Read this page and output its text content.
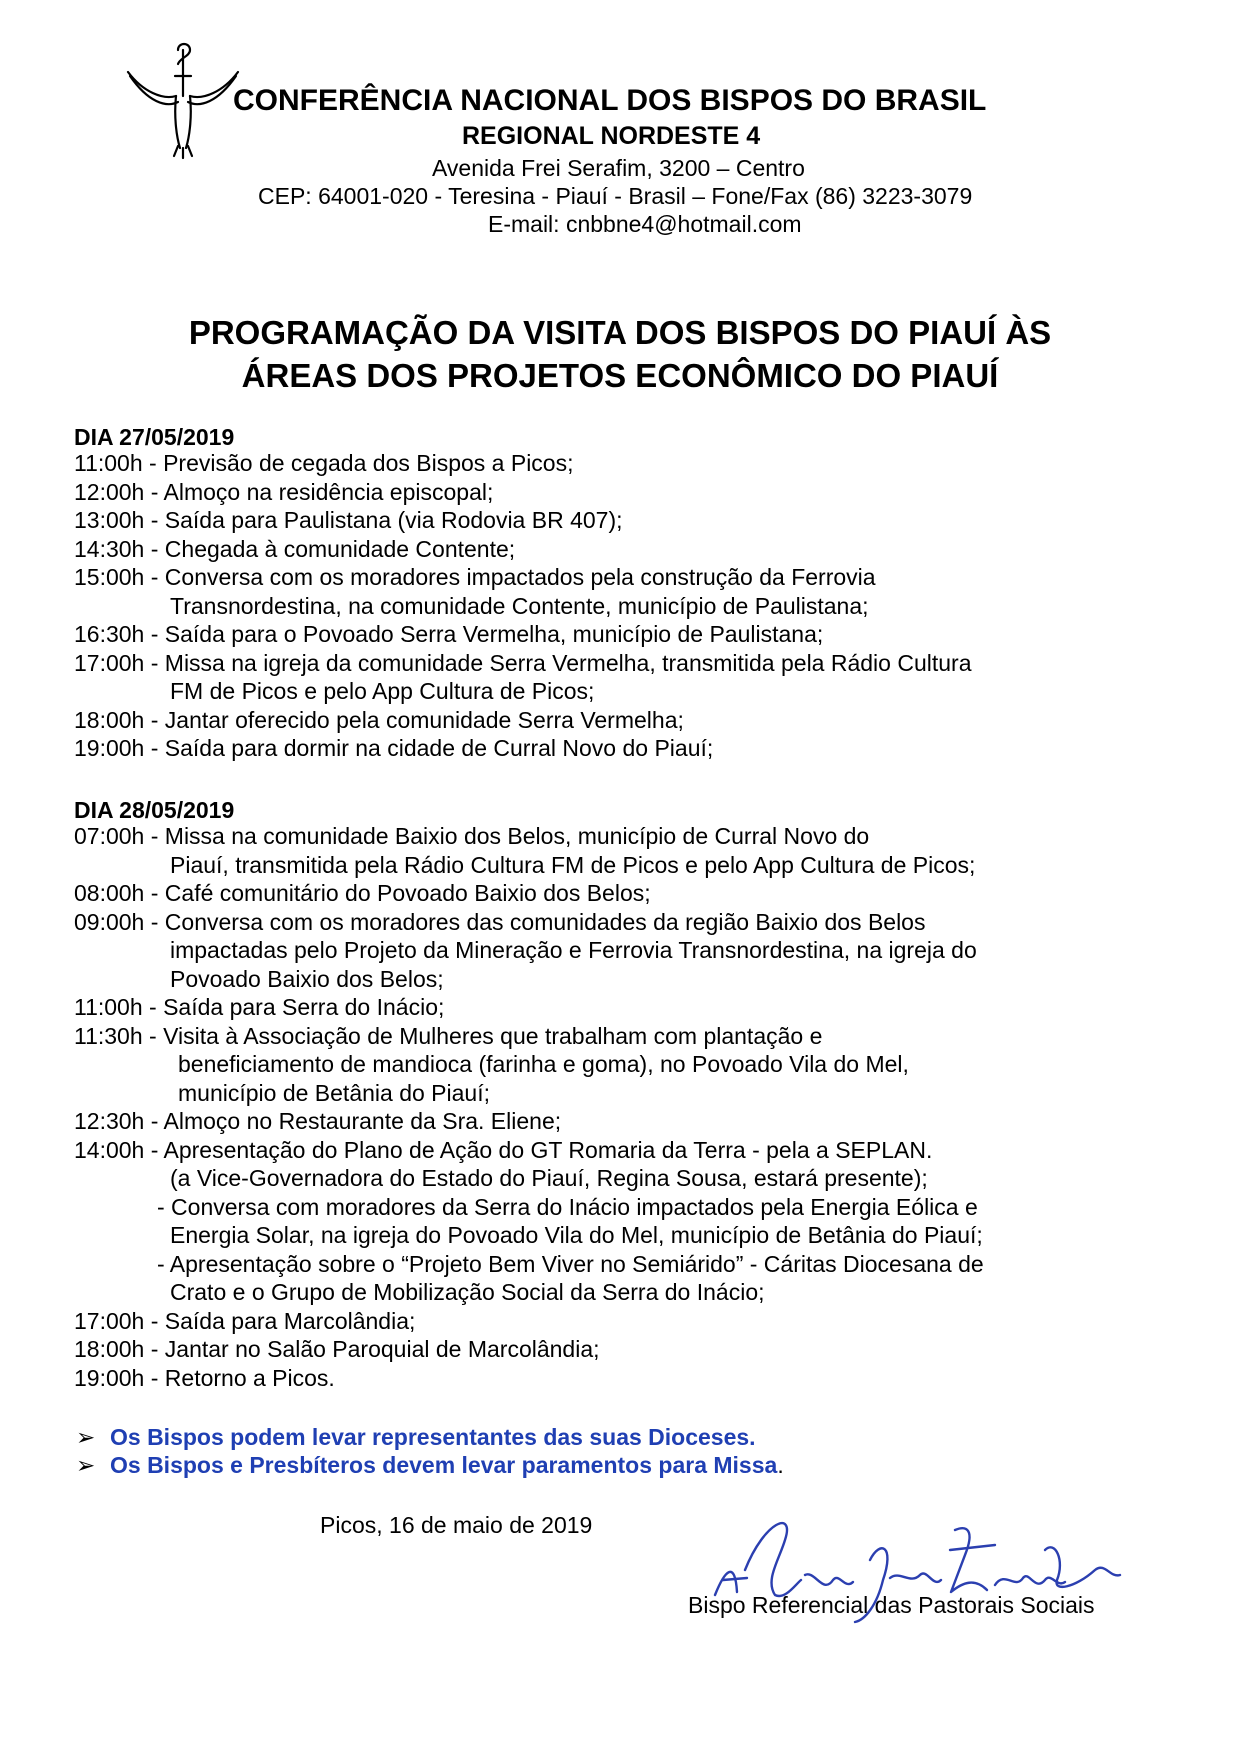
CONFERÊNCIA NACIONAL DOS BISPOS DO BRASIL
REGIONAL NORDESTE 4
Avenida Frei Serafim, 3200 – Centro
CEP: 64001-020 - Teresina - Piauí - Brasil – Fone/Fax (86) 3223-3079
E-mail: cnbbne4@hotmail.com
PROGRAMAÇÃO DA VISITA DOS BISPOS DO PIAUÍ ÀS
ÁREAS DOS PROJETOS ECONÔMICO DO PIAUÍ
DIA 27/05/2019
11:00h - Previsão de cegada dos Bispos a Picos;
12:00h - Almoço na residência episcopal;
13:00h - Saída para Paulistana (via Rodovia BR 407);
14:30h - Chegada à comunidade Contente;
15:00h - Conversa com os moradores impactados pela construção da Ferrovia
Transnordestina, na comunidade Contente, município de Paulistana;
16:30h - Saída para o Povoado Serra Vermelha, município de Paulistana;
17:00h - Missa na igreja da comunidade Serra Vermelha, transmitida pela Rádio Cultura
FM de Picos e pelo App Cultura de Picos;
18:00h - Jantar oferecido pela comunidade Serra Vermelha;
19:00h - Saída para dormir na cidade de Curral Novo do Piauí;
DIA 28/05/2019
07:00h - Missa na comunidade Baixio dos Belos, município de Curral Novo do
Piauí, transmitida pela Rádio Cultura FM de Picos e pelo App Cultura de Picos;
08:00h - Café comunitário do Povoado Baixio dos Belos;
09:00h - Conversa com os moradores das comunidades da região Baixio dos Belos
impactadas pelo Projeto da Mineração e Ferrovia Transnordestina, na igreja do
Povoado Baixio dos Belos;
11:00h - Saída para Serra do Inácio;
11:30h - Visita à Associação de Mulheres que trabalham com plantação e
beneficiamento de mandioca (farinha e goma), no Povoado Vila do Mel,
município de Betânia do Piauí;
12:30h - Almoço no Restaurante da Sra. Eliene;
14:00h - Apresentação do Plano de Ação do GT Romaria da Terra - pela a SEPLAN.
(a Vice-Governadora do Estado do Piauí, Regina Sousa, estará presente);
- Conversa com moradores da Serra do Inácio impactados pela Energia Eólica e
Energia Solar, na igreja do Povoado Vila do Mel, município de Betânia do Piauí;
- Apresentação sobre o “Projeto Bem Viver no Semiárido” - Cáritas Diocesana de
Crato e o Grupo de Mobilização Social da Serra do Inácio;
17:00h - Saída para Marcolândia;
18:00h - Jantar no Salão Paroquial de Marcolândia;
19:00h - Retorno a Picos.
➢ Os Bispos podem levar representantes das suas Dioceses.
➢ Os Bispos e Presbíteros devem levar paramentos para Missa.
Picos, 16 de maio de 2019
Bispo Referencial das Pastorais Sociais
